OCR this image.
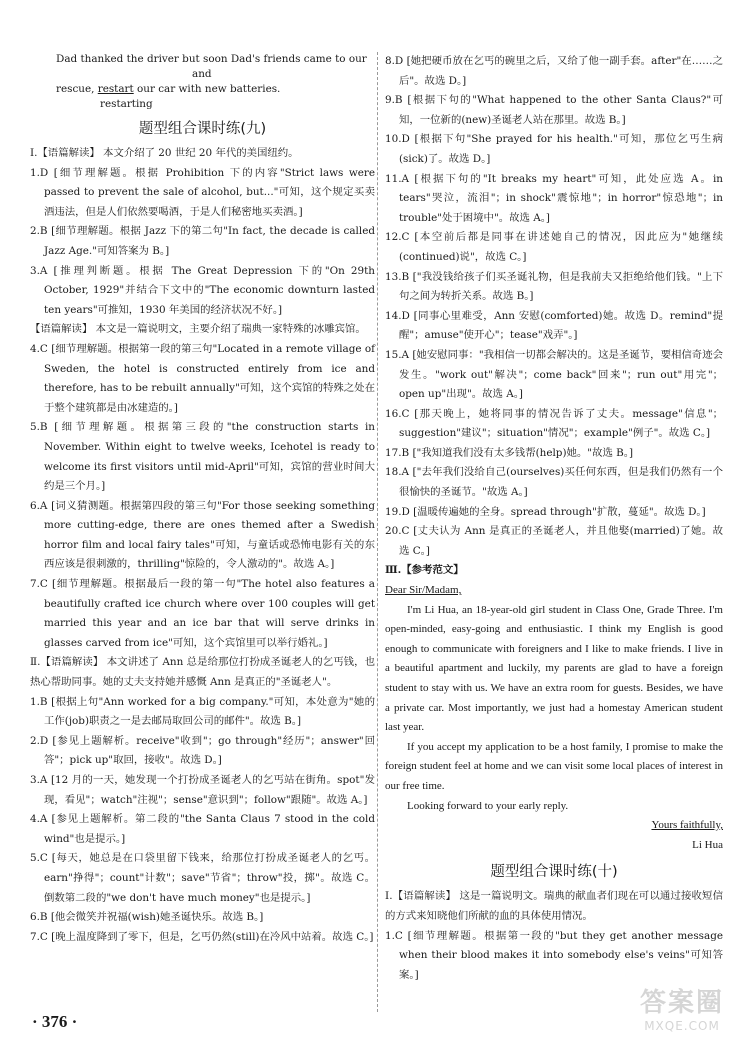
Dad thanked the driver but soon Dad's friends came to our
and
rescue, restart our car with new batteries.
restarting
题型组合课时练(九)

Ⅰ.【语篇解读】 本文介绍了 20 世纪 20 年代的美国纽约。

1.D [细节理解题。根据 Prohibition 下的内容"Strict laws were passed to prevent the sale of alcohol, but..."可知，这个规定买卖酒违法，但是人们依然要喝酒，于是人们秘密地买卖酒。]

2.B [细节理解题。根据 Jazz 下的第二句"In fact, the decade is called Jazz Age."可知答案为 B。]

3.A [推理判断题。根据 The Great Depression 下的"On 29th October, 1929"并结合下文中的"The economic downturn lasted ten years"可推知，1930 年美国的经济状况不好。]

【语篇解读】 本文是一篇说明文，主要介绍了瑞典一家特殊的冰雕宾馆。

4.C [细节理解题。根据第一段的第三句"Located in a remote village of Sweden, the hotel is constructed entirely from ice and therefore, has to be rebuilt annually"可知，这个宾馆的特殊之处在于整个建筑都是由冰建造的。]

5.B [细节理解题。根据第三段的"the construction starts in November. Within eight to twelve weeks, Icehotel is ready to welcome its first visitors until mid-April"可知，宾馆的营业时间大约是三个月。]

6.A [词义猜测题。根据第四段的第三句"For those seeking something more cutting-edge, there are ones themed after a Swedish horror film and local fairy tales"可知，与童话或恐怖电影有关的东西应该是很刺激的，thrilling"惊险的，令人激动的"。故选 A。]

7.C [细节理解题。根据最后一段的第一句"The hotel also features a beautifully crafted ice church where over 100 couples will get married this year and an ice bar that will serve drinks in glasses carved from ice"可知，这个宾馆里可以举行婚礼。]

Ⅱ.【语篇解读】 本文讲述了 Ann 总是给那位打扮成圣诞老人的乞丐钱，也热心帮助同事。她的丈夫支持她并感慨 Ann 是真正的"圣诞老人"。

1.B [根据上句"Ann worked for a big company."可知，本处意为"她的工作(job)职责之一是去邮局取回公司的邮件"。故选 B。]

2.D [参见上题解析。receive"收到"；go through"经历"；answer"回答"；pick up"取回，接收"。故选 D。]

3.A [12 月的一天，她发现一个打扮成圣诞老人的乞丐站在街角。spot"发现，看见"；watch"注视"；sense"意识到"；follow"跟随"。故选 A。]

4.A [参见上题解析。第二段的"the Santa Claus 7 stood in the cold wind"也是提示。]

5.C [每天，她总是在口袋里留下钱来，给那位打扮成圣诞老人的乞丐。earn"挣得"；count"计数"；save"节省"；throw"投，掷"。故选 C。倒数第二段的"we don't have much money"也是提示。]

6.B [他会微笑并祝福(wish)她圣诞快乐。故选 B。]

7.C [晚上温度降到了零下，但是，乞丐仍然(still)在冷风中站着。故选 C。]

8.D [她把硬币放在乞丐的碗里之后，又给了他一副手套。after"在……之后"。故选 D。]

9.B [根据下句的"What happened to the other Santa Claus?"可知，一位新的(new)圣诞老人站在那里。故选 B。]

10.D [根据下句"She prayed for his health."可知，那位乞丐生病(sick)了。故选 D。]

11.A [根据下句的"It breaks my heart"可知，此处应选 A。in tears"哭泣，流泪"；in shock"震惊地"；in horror"惊恐地"；in trouble"处于困境中"。故选 A。]

12.C [本空前后都是同事在讲述她自己的情况，因此应为"她继续(continued)说"，故选 C。]

13.B ["我没钱给孩子们买圣诞礼物，但是我前夫又拒绝给他们钱。"上下句之间为转折关系。故选 B。]

14.D [同事心里难受，Ann 安慰(comforted)她。故选 D。remind"提醒"；amuse"使开心"；tease"戏弄"。]

15.A [她安慰同事："我相信一切都会解决的。这是圣诞节，要相信奇迹会发生。"work out"解决"；come back"回来"；run out"用完"；open up"出现"。故选 A。]

16.C [那天晚上，她将同事的情况告诉了丈夫。message"信息"；suggestion"建议"；situation"情况"；example"例子"。故选 C。]

17.B ["我知道我们没有太多钱帮(help)她。"故选 B。]

18.A ["去年我们没给自己(ourselves)买任何东西，但是我们仍然有一个很愉快的圣诞节。"故选 A。]

19.D [温暖传遍她的全身。spread through"扩散，蔓延"。故选 D。]

20.C [丈夫认为 Ann 是真正的圣诞老人，并且他娶(married)了她。故选 C。]

Ⅲ.【参考范文】

Dear Sir/Madam,

I'm Li Hua, an 18-year-old girl student in Class One, Grade Three. I'm open-minded, easy-going and enthusiastic. I think my English is good enough to communicate with foreigners and I like to make friends. I live in a beautiful apartment and luckily, my parents are glad to have a foreign student to stay with us. We have an extra room for guests. Besides, we have a private car. Most importantly, we just had a homestay American student last year.

If you accept my application to be a host family, I promise to make the foreign student feel at home and we can visit some local places of interest in our free time.

Looking forward to your early reply.

Yours faithfully,

Li Hua

题型组合课时练(十)

Ⅰ.【语篇解读】 这是一篇说明文。瑞典的献血者们现在可以通过接收短信的方式来知晓他们所献的血的具体使用情况。

1.C [细节理解题。根据第一段的"but they get another message when their blood makes it into somebody else's veins"可知答案。]

· 376 ·
答案圈
MXQE.COM
